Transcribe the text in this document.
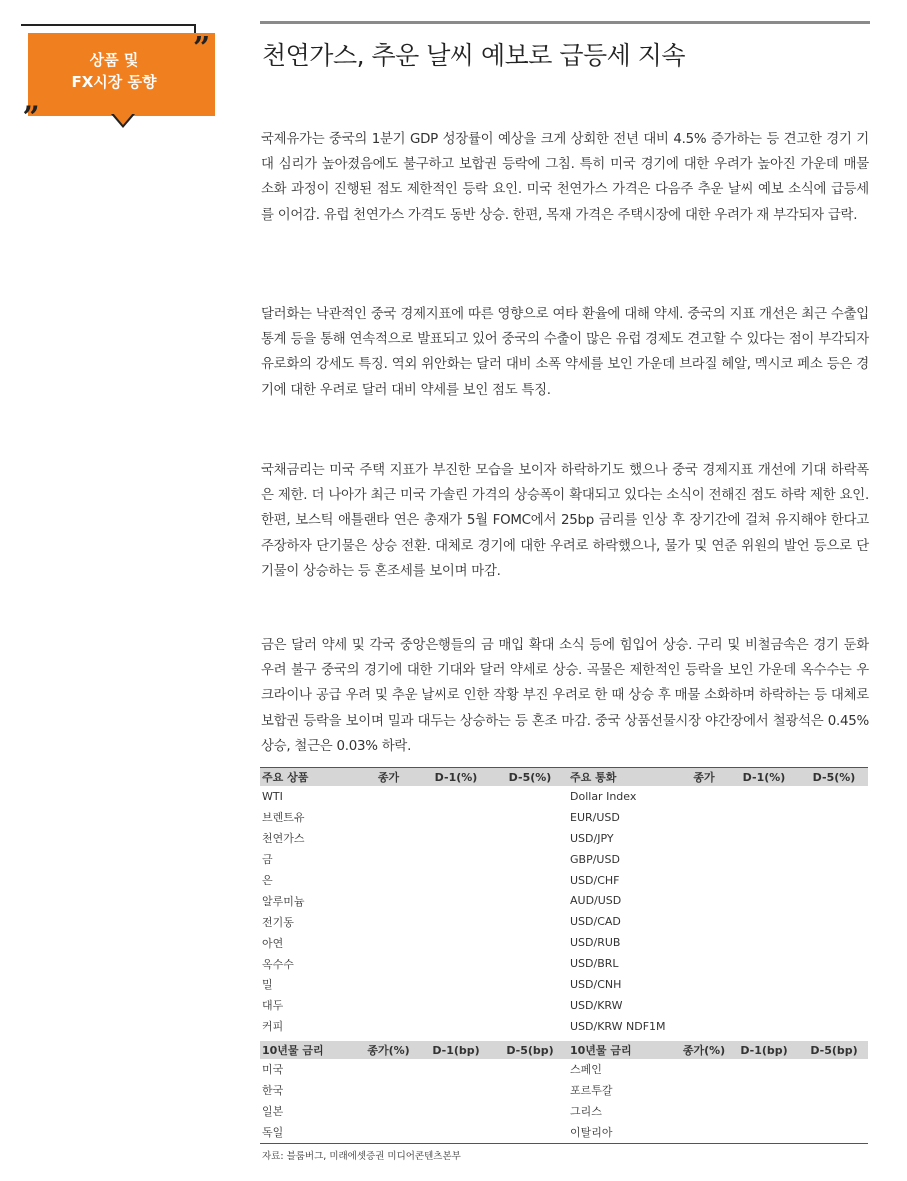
상품 및
FX시장 동향
”
„
천연가스, 추운 날씨 예보로 급등세 지속
국제유가는 중국의 1분기 GDP 성장률이 예상을 크게 상회한 전년 대비 4.5% 증가하는 등 견고한 경기 기대 심리가 높아졌음에도 불구하고 보합권 등락에 그침. 특히 미국 경기에 대한 우려가 높아진 가운데 매물 소화 과정이 진행된 점도 제한적인 등락 요인. 미국 천연가스 가격은 다음주 추운 날씨 예보 소식에 급등세를 이어감. 유럽 천연가스 가격도 동반 상승. 한편, 목재 가격은 주택시장에 대한 우려가 재 부각되자 급락.
달러화는 낙관적인 중국 경제지표에 따른 영향으로 여타 환율에 대해 약세. 중국의 지표 개선은 최근 수출입 통계 등을 통해 연속적으로 발표되고 있어 중국의 수출이 많은 유럽 경제도 견고할 수 있다는 점이 부각되자 유로화의 강세도 특징. 역외 위안화는 달러 대비 소폭 약세를 보인 가운데 브라질 헤알, 멕시코 페소 등은 경기에 대한 우려로 달러 대비 약세를 보인 점도 특징.
국채금리는 미국 주택 지표가 부진한 모습을 보이자 하락하기도 했으나 중국 경제지표 개선에 기대 하락폭은 제한. 더 나아가 최근 미국 가솔린 가격의 상승폭이 확대되고 있다는 소식이 전해진 점도 하락 제한 요인. 한편, 보스틱 애틀랜타 연은 총재가 5월 FOMC에서 25bp 금리를 인상 후 장기간에 걸쳐 유지해야 한다고 주장하자 단기물은 상승 전환. 대체로 경기에 대한 우려로 하락했으나, 물가 및 연준 위원의 발언 등으로 단기물이 상승하는 등 혼조세를 보이며 마감.
금은 달러 약세 및 각국 중앙은행들의 금 매입 확대 소식 등에 힘입어 상승. 구리 및 비철금속은 경기 둔화 우려 불구 중국의 경기에 대한 기대와 달러 약세로 상승. 곡물은 제한적인 등락을 보인 가운데 옥수수는 우크라이나 공급 우려 및 추운 날씨로 인한 작황 부진 우려로 한 때 상승 후 매물 소화하며 하락하는 등 대체로 보합권 등락을 보이며 밀과 대두는 상승하는 등 혼조 마감. 중국 상품선물시장 야간장에서 철광석은 0.45% 상승, 철근은 0.03% 하락.
주요 상품	종가	D-1(%)	D-5(%)	주요 통화	종가	D-1(%)	D-5(%)
WTI				Dollar Index			
브렌트유				EUR/USD			
천연가스				USD/JPY			
금				GBP/USD			
은				USD/CHF			
알루미늄				AUD/USD			
전기동				USD/CAD			
아연				USD/RUB			
옥수수				USD/BRL			
밀				USD/CNH			
대두				USD/KRW			
커피				USD/KRW NDF1M			
10년물 금리	종가(%)	D-1(bp)	D-5(bp)	10년물 금리	종가(%)	D-1(bp)	D-5(bp)
미국				스페인			
한국				포르투갈			
일본				그리스			
독일				이탈리아			
자료: 블룸버그, 미래에셋증권 미디어콘텐츠본부
